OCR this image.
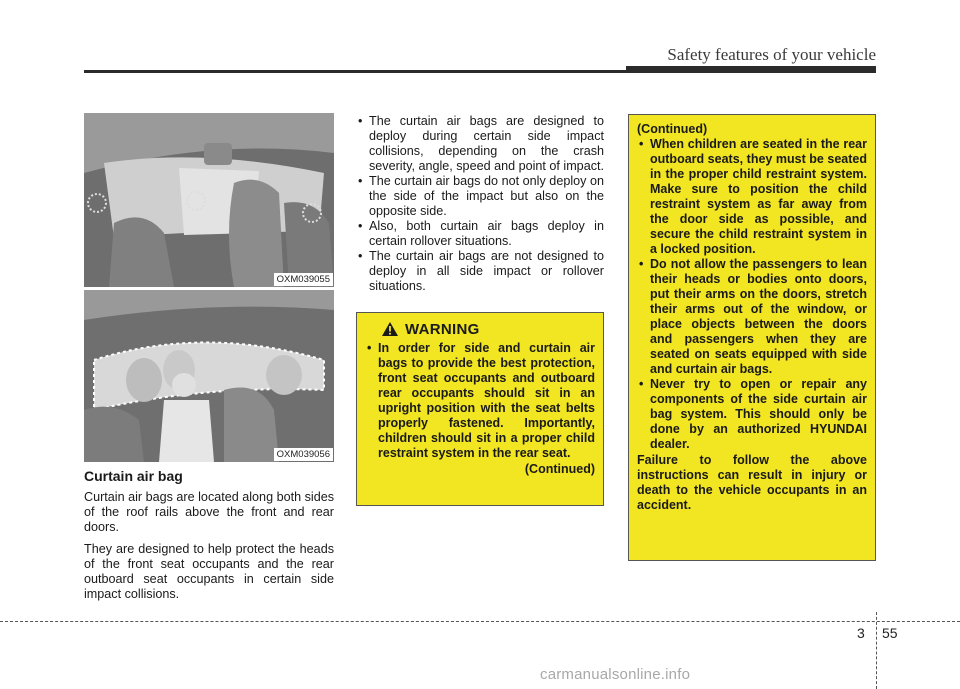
Safety features of your vehicle
OXM039055
OXM039056
Curtain air bag

Curtain air bags are located along both sides of the roof rails above the front and rear doors.

They are designed to help protect the heads of the front seat occupants and the rear outboard seat occupants in certain side impact collisions.

• The curtain air bags are designed to deploy during certain side impact collisions, depending on the crash severity, angle, speed and point of impact.
• The curtain air bags do not only deploy on the side of the impact but also on the opposite side.
• Also, both curtain air bags deploy in certain rollover situations.
• The curtain air bags are not designed to deploy in all side impact or rollover situations.
WARNING
• In order for side and curtain air bags to provide the best protection, front seat occupants and outboard rear occupants should sit in an upright position with the seat belts properly fastened. Importantly, children should sit in a proper child restraint system in the rear seat.
(Continued)
(Continued)
• When children are seated in the rear outboard seats, they must be seated in the proper child restraint system. Make sure to position the child restraint system as far away from the door side as possible, and secure the child restraint system in a locked position.
• Do not allow the passengers to lean their heads or bodies onto doors, put their arms on the doors, stretch their arms out of the window, or place objects between the doors and passengers when they are seated on seats equipped with side and curtain air bags.
• Never try to open or repair any components of the side curtain air bag system. This should only be done by an authorized HYUNDAI dealer.
Failure to follow the above instructions can result in injury or death to the vehicle occupants in an accident.
3 55
carmanualsonline.info
